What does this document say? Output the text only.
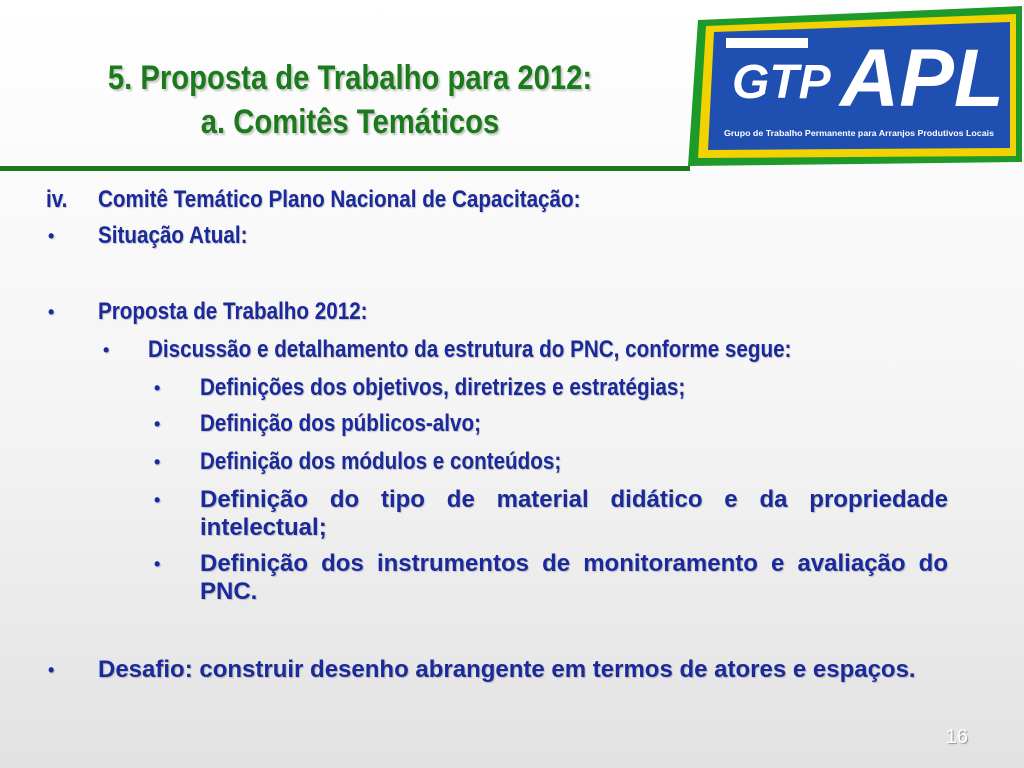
5. Proposta de Trabalho para 2012:
a. Comitês Temáticos
GTP APL
Grupo de Trabalho Permanente para Arranjos Produtivos Locais
iv. Comitê Temático Plano Nacional de Capacitação:
• Situação Atual:
• Proposta de Trabalho 2012:
• Discussão e detalhamento da estrutura do PNC, conforme segue:
• Definições dos objetivos, diretrizes e estratégias;
• Definição dos públicos-alvo;
• Definição dos módulos e conteúdos;
• Definição do tipo de material didático e da propriedade intelectual;
• Definição dos instrumentos de monitoramento e avaliação do PNC.
• Desafio: construir desenho abrangente em termos de atores e espaços.
16
